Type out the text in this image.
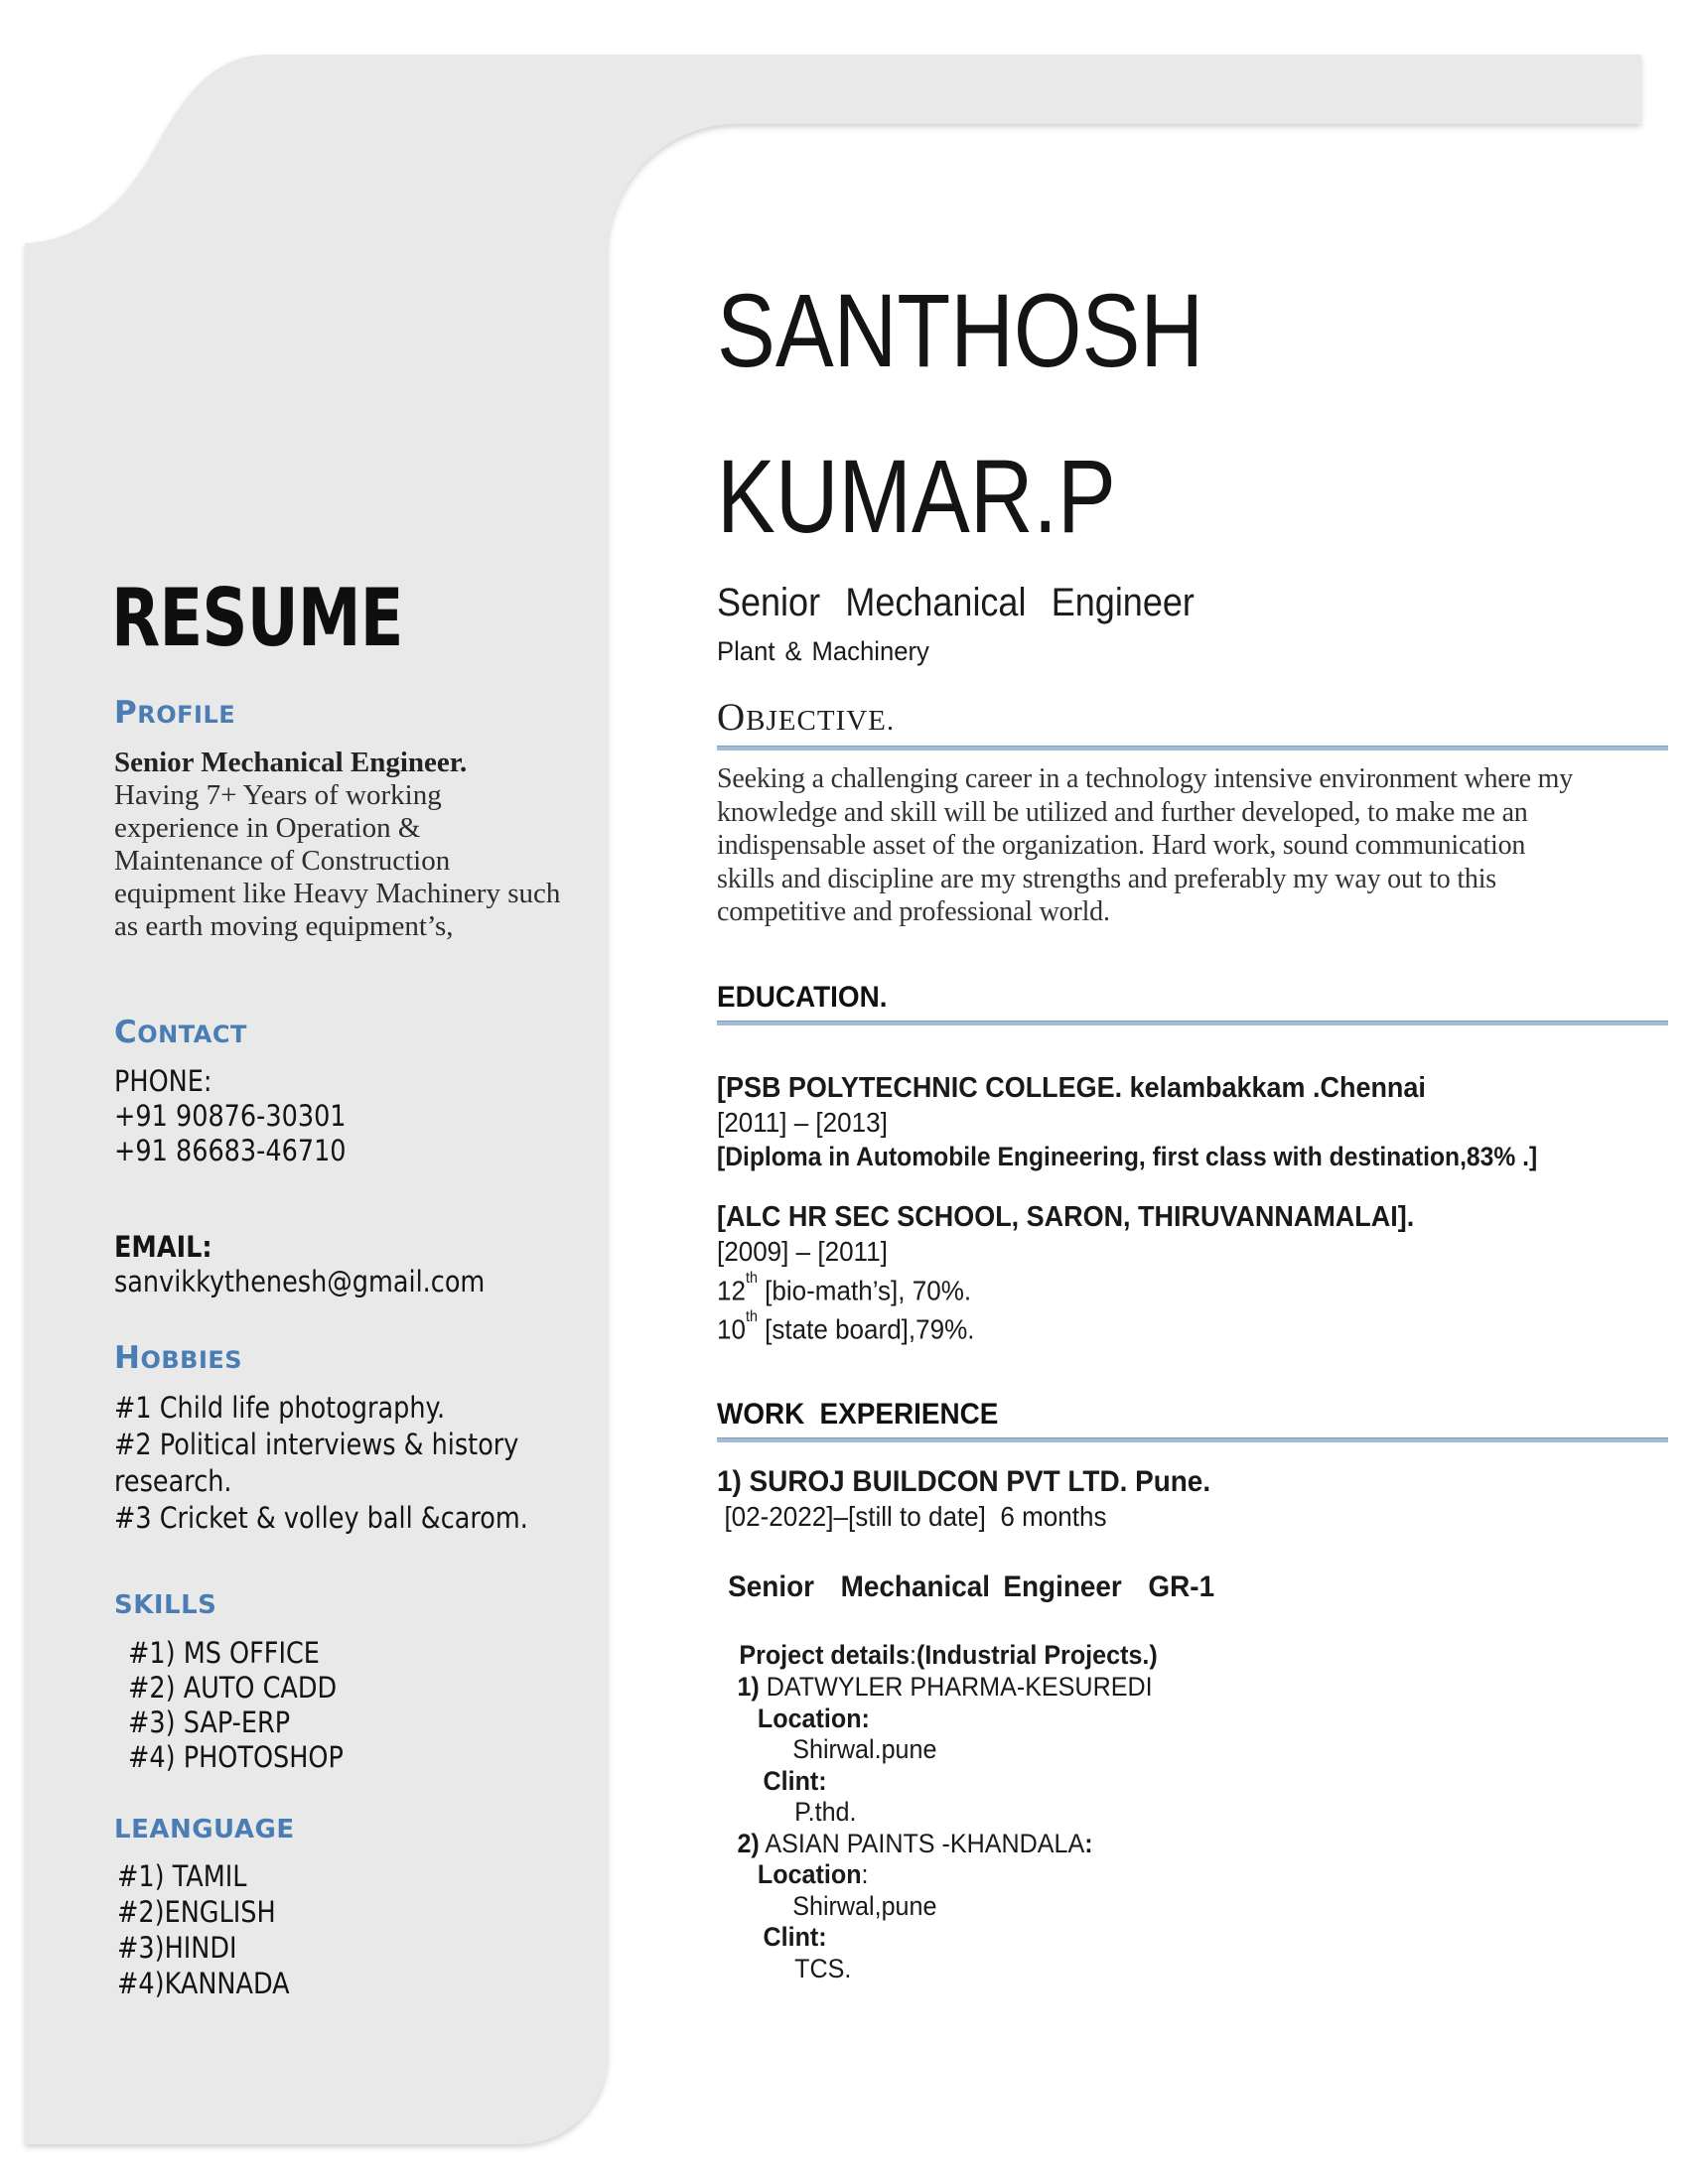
RESUME
PROFILE
Senior Mechanical Engineer.
Having 7+ Years of working
experience in Operation &
Maintenance of Construction
equipment like Heavy Machinery such
as earth moving equipment’s,
CONTACT
PHONE:
+91 90876-30301
+91 86683-46710
EMAIL:
sanvikkythenesh@gmail.com
HOBBIES
#1 Child life photography.
#2 Political interviews & history
research.
#3 Cricket & volley ball &carom.
SKILLS
#1) MS OFFICE
#2) AUTO CADD
#3) SAP-ERP
#4) PHOTOSHOP
LEANGUAGE
#1) TAMIL
#2)ENGLISH
#3)HINDI
#4)KANNADA
SANTHOSH
KUMAR.P
Senior Mechanical Engineer
Plant & Machinery
OBJECTIVE.
Seeking a challenging career in a technology intensive environment where my
knowledge and skill will be utilized and further developed, to make me an
indispensable asset of the organization. Hard work, sound communication
skills and discipline are my strengths and preferably my way out to this
competitive and professional world.
EDUCATION.
[PSB POLYTECHNIC COLLEGE. kelambakkam .Chennai
[2011] – [2013]
[Diploma in Automobile Engineering, first class with destination,83% .]
[ALC HR SEC SCHOOL, SARON, THIRUVANNAMALAI].
[2009] – [2011]
12th [bio-math’s], 70%.
10th [state board],79%.
WORK EXPERIENCE
1) SUROJ BUILDCON PVT LTD. Pune.
[02-2022]–[still to date]  6 months
Senior  Mechanical Engineer  GR-1
Project details:(Industrial Projects.)
1) DATWYLER PHARMA-KESUREDI
Location:
Shirwal.pune
Clint:
P.thd.
2) ASIAN PAINTS -KHANDALA:
Location:
Shirwal,pune
Clint:
TCS.
